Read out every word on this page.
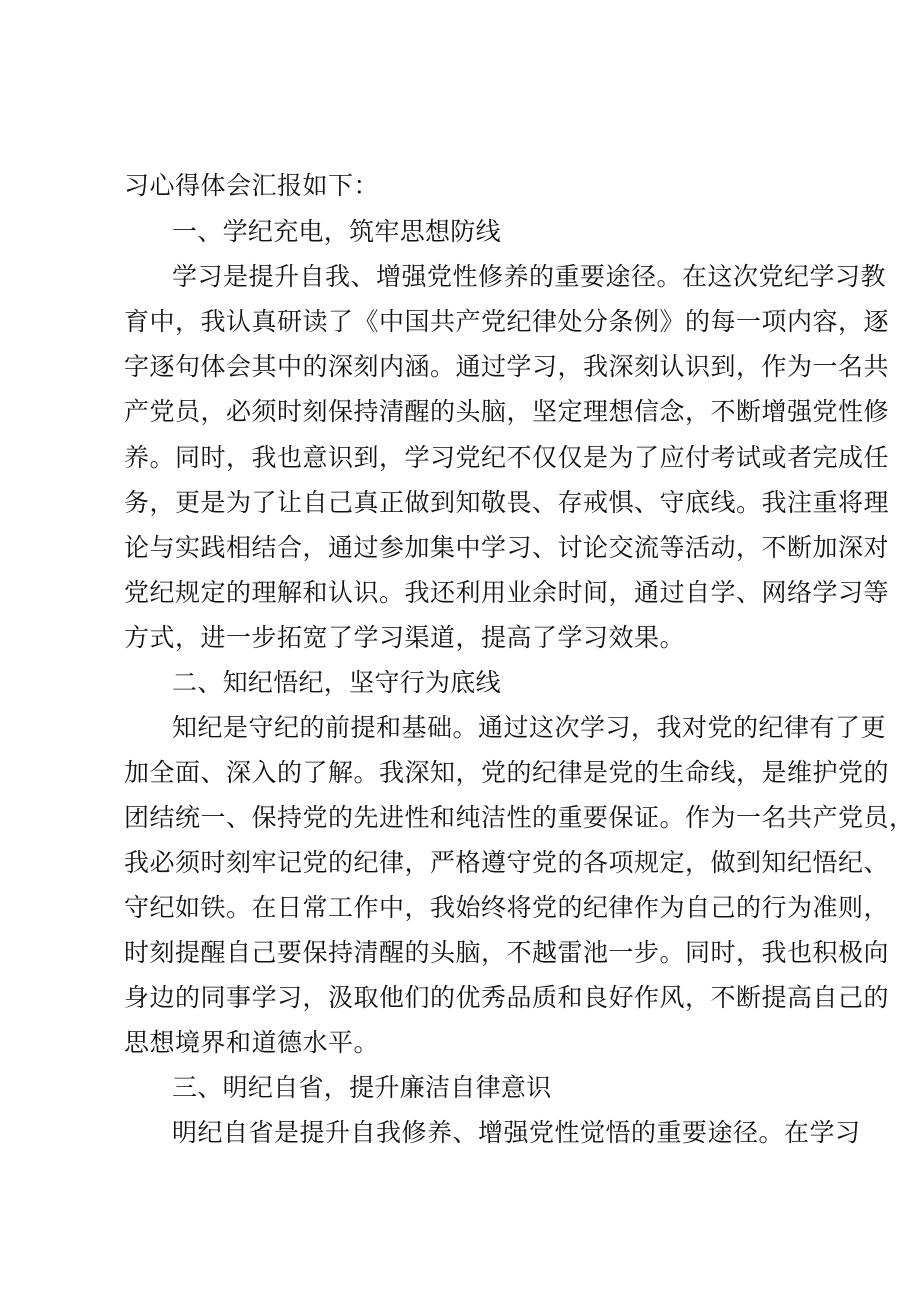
习心得体会汇报如下：
一、学纪充电，筑牢思想防线
学习是提升自我、增强党性修养的重要途径。在这次党纪学习教
育中，我认真研读了《中国共产党纪律处分条例》的每一项内容，逐
字逐句体会其中的深刻内涵。通过学习，我深刻认识到，作为一名共
产党员，必须时刻保持清醒的头脑，坚定理想信念，不断增强党性修
养。同时，我也意识到，学习党纪不仅仅是为了应付考试或者完成任
务，更是为了让自己真正做到知敬畏、存戒惧、守底线。我注重将理
论与实践相结合，通过参加集中学习、讨论交流等活动，不断加深对
党纪规定的理解和认识。我还利用业余时间，通过自学、网络学习等
方式，进一步拓宽了学习渠道，提高了学习效果。
二、知纪悟纪，坚守行为底线
知纪是守纪的前提和基础。通过这次学习，我对党的纪律有了更
加全面、深入的了解。我深知，党的纪律是党的生命线，是维护党的
团结统一、保持党的先进性和纯洁性的重要保证。作为一名共产党员，
我必须时刻牢记党的纪律，严格遵守党的各项规定，做到知纪悟纪、
守纪如铁。在日常工作中，我始终将党的纪律作为自己的行为准则，
时刻提醒自己要保持清醒的头脑，不越雷池一步。同时，我也积极向
身边的同事学习，汲取他们的优秀品质和良好作风，不断提高自己的
思想境界和道德水平。
三、明纪自省，提升廉洁自律意识
明纪自省是提升自我修养、增强党性觉悟的重要途径。在学习
